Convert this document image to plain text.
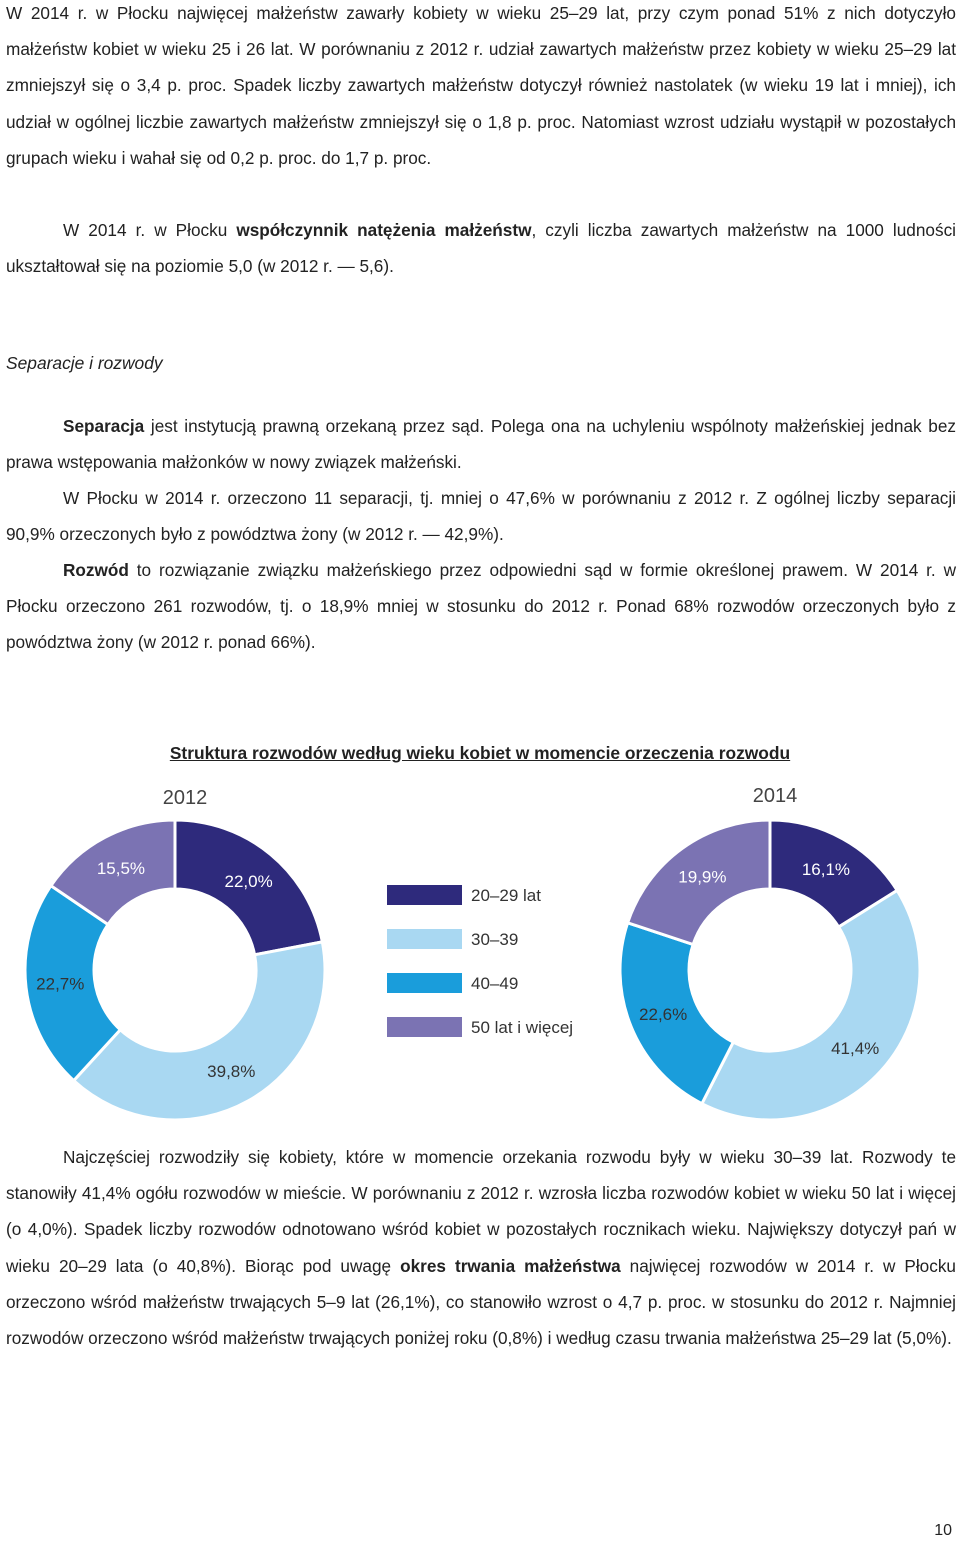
W 2014 r. w Płocku najwięcej małżeństw zawarły kobiety w wieku 25–29 lat, przy czym ponad 51% z nich dotyczyło małżeństw kobiet w wieku 25 i 26 lat. W porównaniu z 2012 r. udział zawartych małżeństw przez kobiety w wieku 25–29 lat zmniejszył się o 3,4 p. proc. Spadek liczby zawartych małżeństw dotyczył również nastolatek (w wieku 19 lat i mniej), ich udział w ogólnej liczbie zawartych małżeństw zmniejszył się o 1,8 p. proc. Natomiast wzrost udziału wystąpił w pozostałych grupach wieku i wahał się od 0,2 p. proc. do 1,7 p. proc.

W 2014 r. w Płocku współczynnik natężenia małżeństw, czyli liczba zawartych małżeństw na 1000 ludności ukształtował się na poziomie 5,0 (w 2012 r. — 5,6).

Separacje i rozwody

Separacja jest instytucją prawną orzekaną przez sąd. Polega ona na uchyleniu wspólnoty małżeńskiej jednak bez prawa wstępowania małżonków w nowy związek małżeński.

W Płocku w 2014 r. orzeczono 11 separacji, tj. mniej o 47,6% w porównaniu z 2012 r. Z ogólnej liczby separacji 90,9% orzeczonych było z powództwa żony (w 2012 r. — 42,9%).

Rozwód to rozwiązanie związku małżeńskiego przez odpowiedni sąd w formie określonej prawem. W 2014 r. w Płocku orzeczono 261 rozwodów, tj. o 18,9% mniej w stosunku do 2012 r. Ponad 68% rozwodów orzeczonych było z powództwa żony (w 2012 r. ponad 66%).

Struktura rozwodów według wieku kobiet w momencie orzeczenia rozwodu

22,0%
39,8%
22,7%
15,5%
2012
16,1%
41,4%
22,6%
19,9%
2014
20–29 lat
30–39
40–49
50 lat i więcej

Najczęściej rozwodziły się kobiety, które w momencie orzekania rozwodu były w wieku 30–39 lat. Rozwody te stanowiły 41,4% ogółu rozwodów w mieście. W porównaniu z 2012 r. wzrosła liczba rozwodów kobiet w wieku 50 lat i więcej (o 4,0%). Spadek liczby rozwodów odnotowano wśród kobiet w pozostałych rocznikach wieku. Największy dotyczył pań w wieku 20–29 lata (o 40,8%). Biorąc pod uwagę okres trwania małżeństwa najwięcej rozwodów w 2014 r. w Płocku orzeczono wśród małżeństw trwających 5–9 lat (26,1%), co stanowiło wzrost o 4,7 p. proc. w stosunku do 2012 r. Najmniej rozwodów orzeczono wśród małżeństw trwających poniżej roku (0,8%) i według czasu trwania małżeństwa 25–29 lat (5,0%).

10
